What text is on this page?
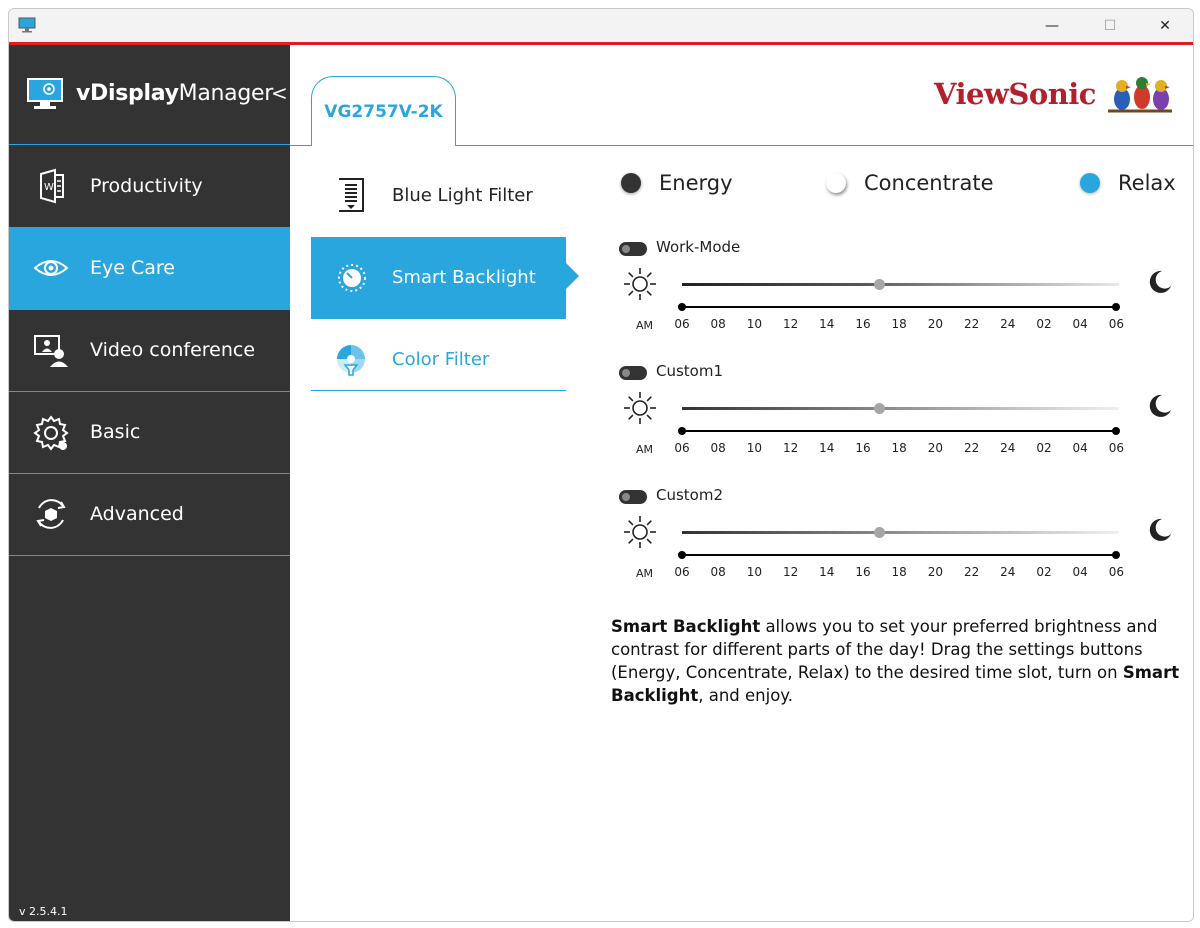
—	☐	✕
vDisplayManager
<
W Productivity
Eye Care
Video conference
Basic
Advanced
v 2.5.4.1
VG2757V-2K
ViewSonic
Blue Light Filter
Smart Backlight
Color Filter
Energy	Concentrate	Relax
Work-Mode
AM 06 08 10 12 14 16 18 20 22 24 02 04 06
Custom1
AM 06 08 10 12 14 16 18 20 22 24 02 04 06
Custom2
AM 06 08 10 12 14 16 18 20 22 24 02 04 06
Smart Backlight allows you to set your preferred brightness and contrast for different parts of the day! Drag the settings buttons (Energy, Concentrate, Relax) to the desired time slot, turn on Smart Backlight, and enjoy.
